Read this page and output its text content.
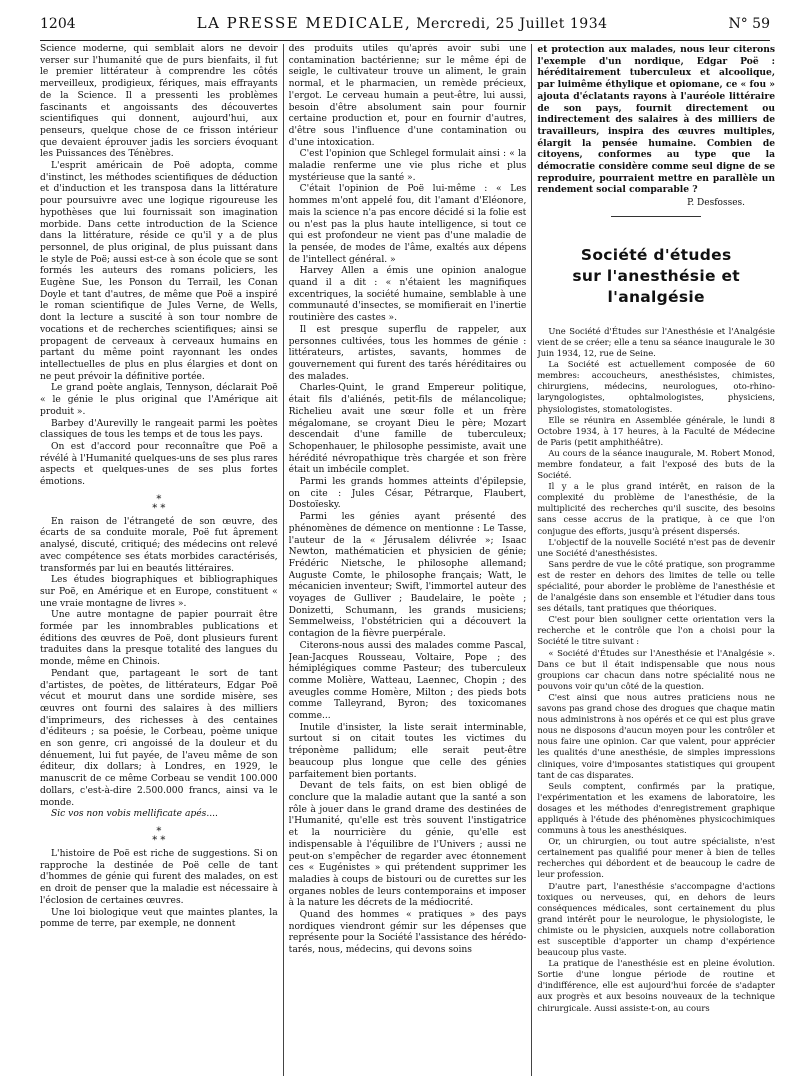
1204	LA PRESSE MEDICALE, Mercredi, 25 Juillet 1934	N° 59

Science moderne, qui semblait alors ne devoir verser sur l'humanité que de purs bienfaits, il fut le premier littérateur à comprendre les côtés merveilleux, prodigieux, fériques, mais effrayants de la Science. Il a pressenti les problèmes fascinants et angoissants des découvertes scientifiques qui donnent, aujourd'hui, aux penseurs, quelque chose de ce frisson intérieur que devaient éprouver jadis les sorciers évoquant les Puissances des Ténèbres.

L'esprit américain de Poë adopta, comme d'instinct, les méthodes scientifiques de déduction et d'induction et les transposa dans la littérature pour poursuivre avec une logique rigoureuse les hypothèses que lui fournissait son imagination morbide. Dans cette introduction de la Science dans la littérature, réside ce qu'il y a de plus personnel, de plus original, de plus puissant dans le style de Poë; aussi est-ce à son école que se sont formés les auteurs des romans policiers, les Eugène Sue, les Ponson du Terrail, les Conan Doyle et tant d'autres, de même que Poë a inspiré le roman scientifique de Jules Verne, de Wells, dont la lecture a suscité à son tour nombre de vocations et de recherches scientifiques; ainsi se propagent de cerveaux à cerveaux humains en partant du même point rayonnant les ondes intellectuelles de plus en plus élargies et dont on ne peut prévoir la définitive portée.

Le grand poète anglais, Tennyson, déclarait Poë « le génie le plus original que l'Amérique ait produit ».

Barbey d'Aurevilly le rangeait parmi les poètes classiques de tous les temps et de tous les pays.

On est d'accord pour reconnaître que Poë a révélé à l'Humanité quelques-uns de ses plus rares aspects et quelques-unes de ses plus fortes émotions.

*
* *

En raison de l'étrangeté de son œuvre, des écarts de sa conduite morale, Poë fut âprement analysé, discuté, critiqué; des médecins ont relevé avec compétence ses états morbides caractérisés, transformés par lui en beautés littéraires.

Les études biographiques et bibliographiques sur Poë, en Amérique et en Europe, constituent « une vraie montagne de livres ».

Une autre montagne de papier pourrait être formée par les innombrables publications et éditions des œuvres de Poë, dont plusieurs furent traduites dans la presque totalité des langues du monde, même en Chinois.

Pendant que, partageant le sort de tant d'artistes, de poètes, de littérateurs, Edgar Poë vécut et mourut dans une sordide misère, ses œuvres ont fourni des salaires à des milliers d'imprimeurs, des richesses à des centaines d'éditeurs ; sa poésie, le Corbeau, poème unique en son genre, cri angoissé de la douleur et du dénuement, lui fut payée, de l'aveu même de son éditeur, dix dollars; à Londres, en 1929, le manuscrit de ce même Corbeau se vendit 100.000 dollars, c'est-à-dire 2.500.000 francs, ainsi va le monde.

Sic vos non vobis mellificate apés....

*
* *

L'histoire de Poë est riche de suggestions. Si on rapproche la destinée de Poë celle de tant d'hommes de génie qui furent des malades, on est en droit de penser que la maladie est nécessaire à l'éclosion de certaines œuvres.

Une loi biologique veut que maintes plantes, la pomme de terre, par exemple, ne donnent

des produits utiles qu'après avoir subi une contamination bactérienne; sur le même épi de seigle, le cultivateur trouve un aliment, le grain normal, et le pharmacien, un remède précieux, l'ergot. Le cerveau humain a peut-être, lui aussi, besoin d'être absolument sain pour fournir certaine production et, pour en fournir d'autres, d'être sous l'influence d'une contamination ou d'une intoxication.

C'est l'opinion que Schlegel formulait ainsi : « la maladie renferme une vie plus riche et plus mystérieuse que la santé ».

C'était l'opinion de Poë lui-même : « Les hommes m'ont appelé fou, dit l'amant d'Eléonore, mais la science n'a pas encore décidé si la folie est ou n'est pas la plus haute intelligence, si tout ce qui est profondeur ne vient pas d'une maladie de la pensée, de modes de l'âme, exaltés aux dépens de l'intellect général. »

Harvey Allen a émis une opinion analogue quand il a dit : « n'étaient les magnifiques excentriques, la société humaine, semblable à une communauté d'insectes, se momifierait en l'inertie routinière des castes ».

Il est presque superflu de rappeler, aux personnes cultivées, tous les hommes de génie : littérateurs, artistes, savants, hommes de gouvernement qui furent des tarés héréditaires ou des malades.

Charles-Quint, le grand Empereur politique, était fils d'aliénés, petit-fils de mélancolique; Richelieu avait une sœur folle et un frère mégalomane, se croyant Dieu le père; Mozart descendait d'une famille de tuberculeux; Schopenhauer, le philosophe pessimiste, avait une hérédité névropathique très chargée et son frère était un imbécile complet.

Parmi les grands hommes atteints d'épilepsie, on cite : Jules César, Pétrarque, Flaubert, Dostoïesky.

Parmi les génies ayant présenté des phénomènes de démence on mentionne : Le Tasse, l'auteur de la « Jérusalem délivrée »; Isaac Newton, mathématicien et physicien de génie; Frédéric Nietsche, le philosophe allemand; Auguste Comte, le philosophe français; Watt, le mécanicien inventeur; Swift, l'immortel auteur des voyages de Gulliver ; Baudelaire, le poète ; Donizetti, Schumann, les grands musiciens; Semmelweiss, l'obstétricien qui a découvert la contagion de la fièvre puerpérale.

Citerons-nous aussi des malades comme Pascal, Jean-Jacques Rousseau, Voltaire, Pope ; des hémiplégiques comme Pasteur; des tuberculeux comme Molière, Watteau, Laennec, Chopin ; des aveugles comme Homère, Milton ; des pieds bots comme Talleyrand, Byron; des toxicomanes comme...

Inutile d'insister, la liste serait interminable, surtout si on citait toutes les victimes du tréponème pallidum; elle serait peut-être beaucoup plus longue que celle des génies parfaitement bien portants.

Devant de tels faits, on est bien obligé de conclure que la maladie autant que la santé a son rôle à jouer dans le grand drame des destinées de l'Humanité, qu'elle est très souvent l'instigatrice et la nourricière du génie, qu'elle est indispensable à l'équilibre de l'Univers ; aussi ne peut-on s'empêcher de regarder avec étonnement ces « Eugénistes » qui prétendent supprimer les maladies à coups de bistouri ou de curettes sur les organes nobles de leurs contemporains et imposer à la nature les décrets de la médiocrité.

Quand des hommes « pratiques » des pays nordiques viendront gémir sur les dépenses que représente pour la Société l'assistance des hérédo-tarés, nous, médecins, qui devons soins

et protection aux malades, nous leur citerons l'exemple d'un nordique, Edgar Poë : héréditairement tuberculeux et alcoolique, par luimême éthylique et opiomane, ce « fou » ajouta d'éclatants rayons à l'auréole littéraire de son pays, fournit directement ou indirectement des salaires à des milliers de travailleurs, inspira des œuvres multiples, élargit la pensée humaine. Combien de citoyens, conformes au type que la démocratie considère comme seul digne de se reproduire, pourraient mettre en parallèle un rendement social comparable ?

P. Desfosses.
Société d'études
sur l'anesthésie et l'analgésie

Une Société d'Études sur l'Anesthésie et l'Analgésie vient de se créer; elle a tenu sa séance inaugurale le 30 Juin 1934, 12, rue de Seine.

La Société est actuellement composée de 60 membres: accoucheurs, anesthésistes, chimistes, chirurgiens, médecins, neurologues, oto-rhino-laryngologistes, ophtalmologistes, physiciens, physiologistes, stomatologistes.

Elle se réunira en Assemblée générale, le lundi 8 Octobre 1934, à 17 heures, à la Faculté de Médecine de Paris (petit amphithéâtre).

Au cours de la séance inaugurale, M. Robert Monod, membre fondateur, a fait l'exposé des buts de la Société.

Il y a le plus grand intérêt, en raison de la complexité du problème de l'anesthésie, de la multiplicité des recherches qu'il suscite, des besoins sans cesse accrus de la pratique, à ce que l'on conjugue des efforts, jusqu'à présent dispersés.

L'objectif de la nouvelle Société n'est pas de devenir une Société d'anesthésistes.

Sans perdre de vue le côté pratique, son programme est de rester en dehors des limites de telle ou telle spécialité, pour aborder le problème de l'anesthésie et de l'analgésie dans son ensemble et l'étudier dans tous ses détails, tant pratiques que théoriques.

C'est pour bien souligner cette orientation vers la recherche et le contrôle que l'on a choisi pour la Société le titre suivant :

« Société d'Études sur l'Anesthésie et l'Analgésie ». Dans ce but il était indispensable que nous nous groupions car chacun dans notre spécialité nous ne pouvons voir qu'un côté de la question.

C'est ainsi que nous autres praticiens nous ne savons pas grand chose des drogues que chaque matin nous administrons à nos opérés et ce qui est plus grave nous ne disposons d'aucun moyen pour les contrôler et nous faire une opinion. Car que valent, pour apprécier les qualités d'une anesthésie, de simples impressions cliniques, voire d'imposantes statistiques qui groupent tant de cas disparates.

Seuls comptent, confirmés par la pratique, l'expérimentation et les examens de laboratoire, les dosages et les méthodes d'enregistrement graphique appliqués à l'étude des phénomènes physicochimiques communs à tous les anesthésiques.

Or, un chirurgien, ou tout autre spécialiste, n'est certainement pas qualifié pour mener à bien de telles recherches qui débordent et de beaucoup le cadre de leur profession.

D'autre part, l'anesthésie s'accompagne d'actions toxiques ou nerveuses, qui, en dehors de leurs conséquences médicales, sont certainement du plus grand intérêt pour le neurologue, le physiologiste, le chimiste ou le physicien, auxquels notre collaboration est susceptible d'apporter un champ d'expérience beaucoup plus vaste.

La pratique de l'anesthésie est en pleine évolution. Sortie d'une longue période de routine et d'indifférence, elle est aujourd'hui forcée de s'adapter aux progrès et aux besoins nouveaux de la technique chirurgicale. Aussi assiste-t-on, au cours
